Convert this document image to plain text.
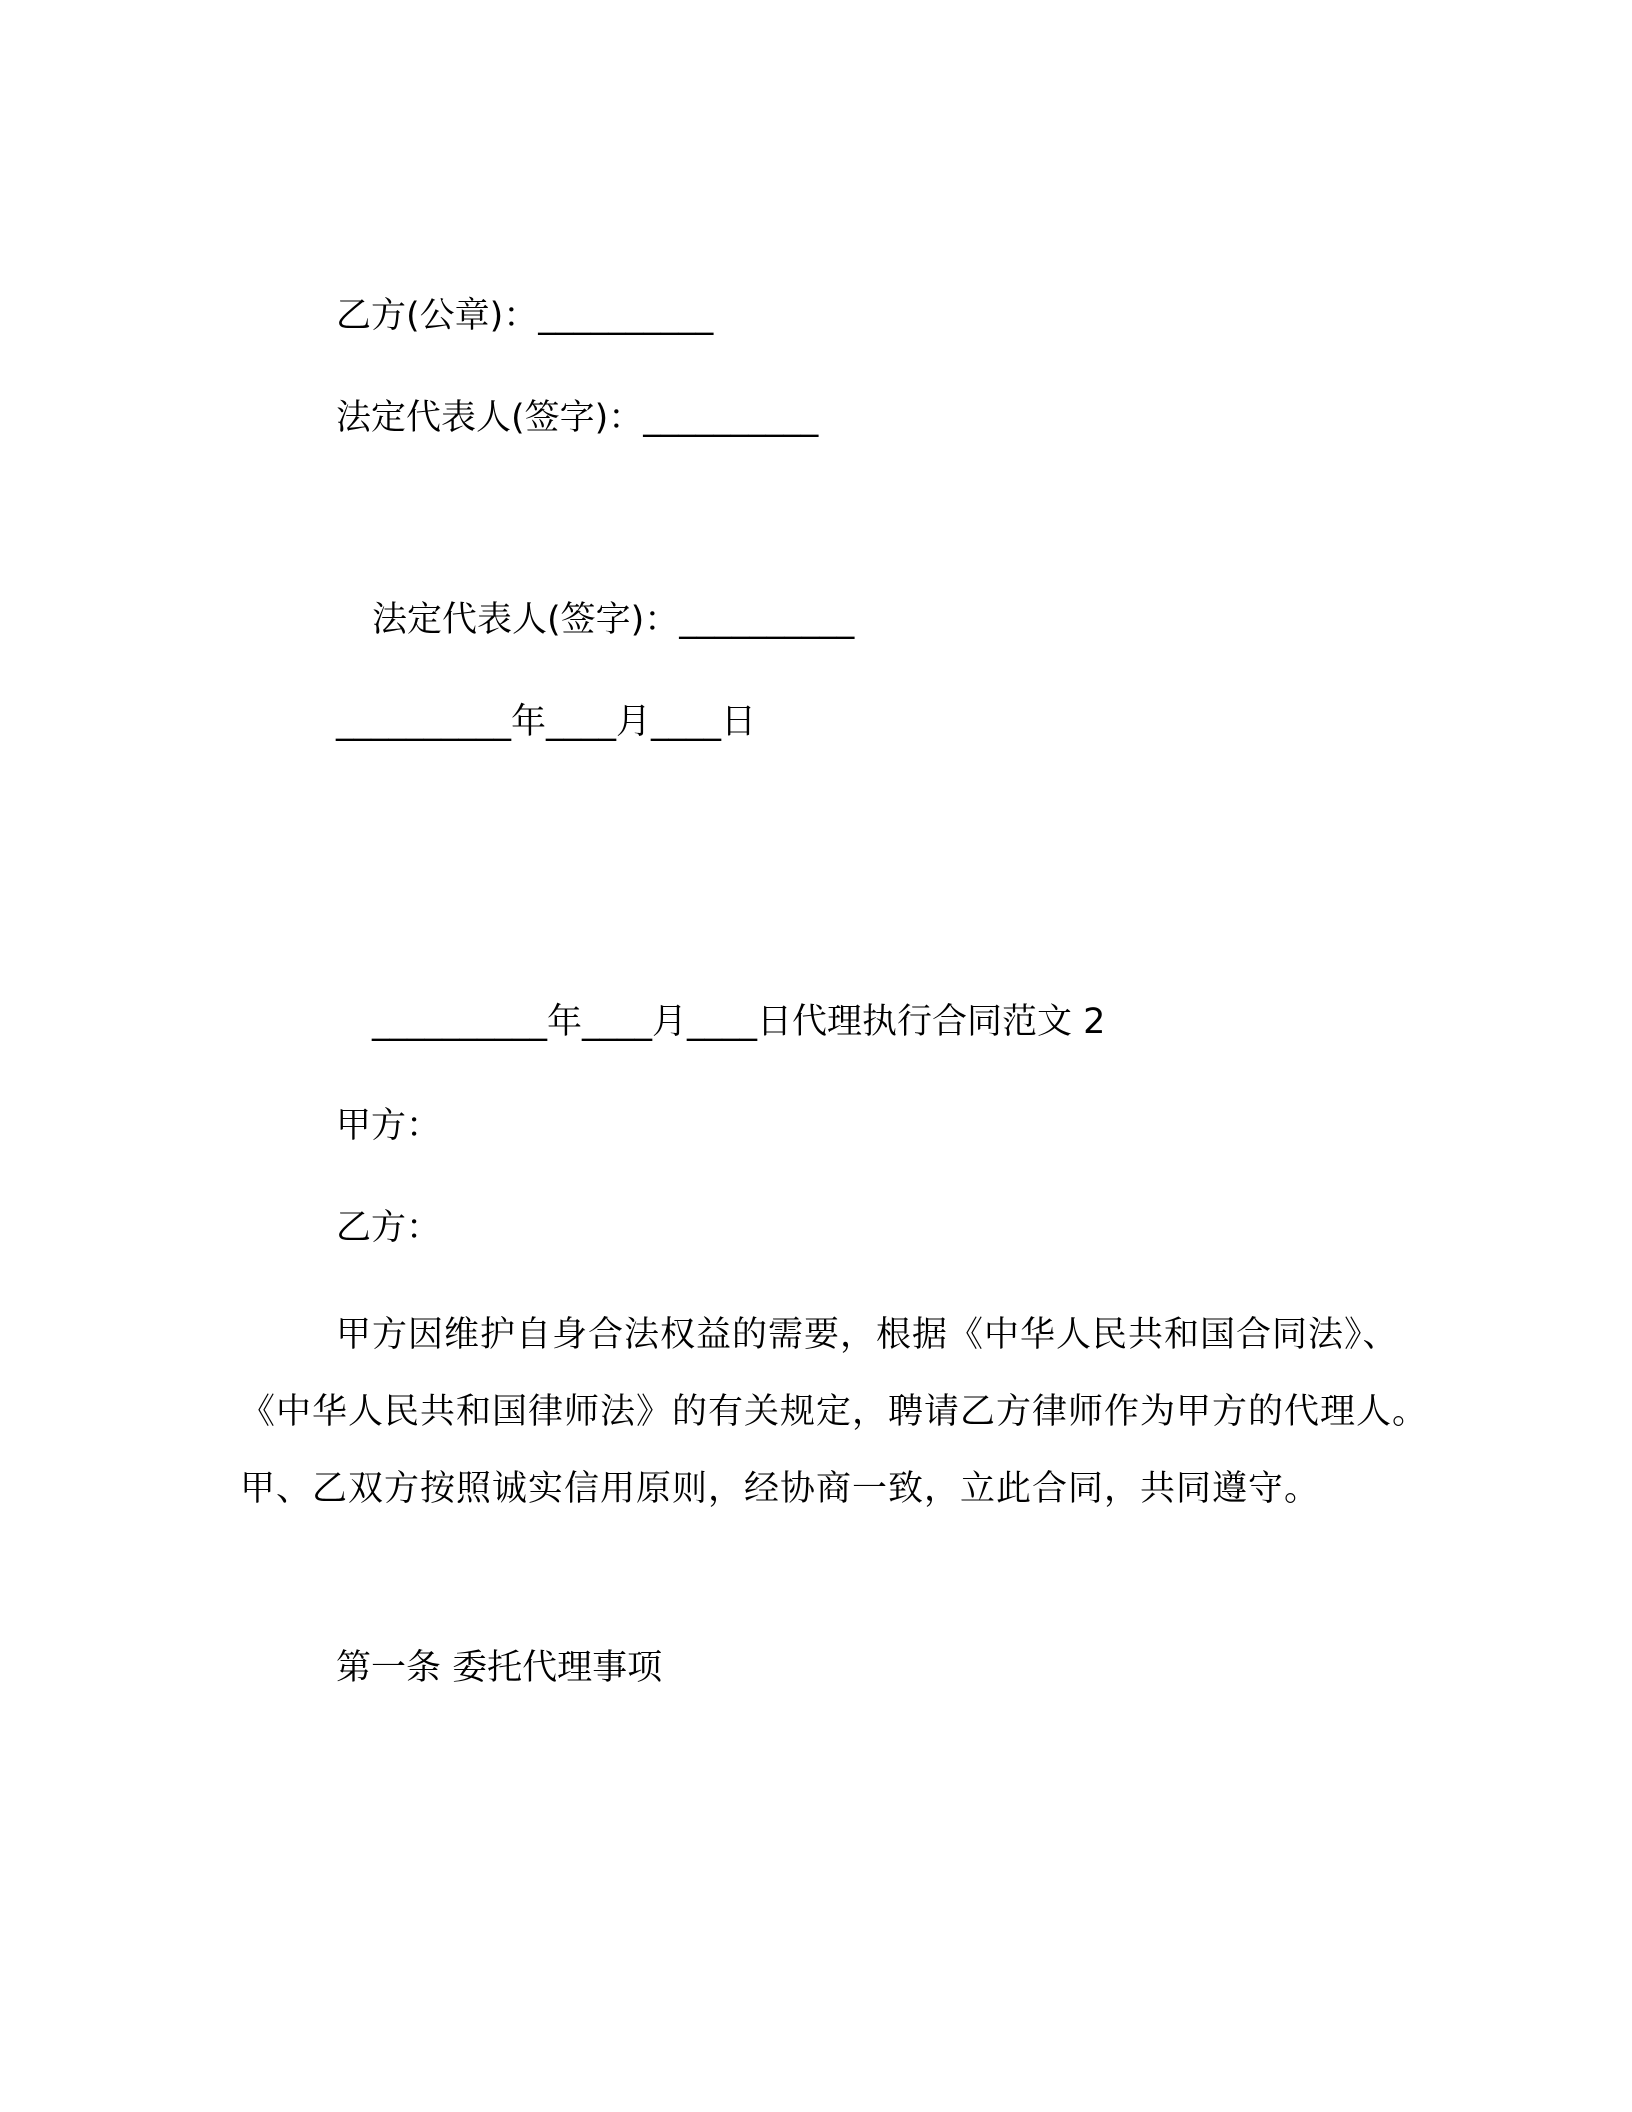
乙方(公章)：__________
法定代表人(签字)：__________
法定代表人(签字)：__________
__________年____月____日
__________年____月____日代理执行合同范文 2
甲方：
乙方：
甲方因维护自身合法权益的需要，根据《中华人民共和国合同法》、《中华人民共和国律师法》的有关规定，聘请乙方律师作为甲方的代理人。 甲、乙双方按照诚实信用原则，经协商一致，立此合同，共同遵守。
第一条 委托代理事项
